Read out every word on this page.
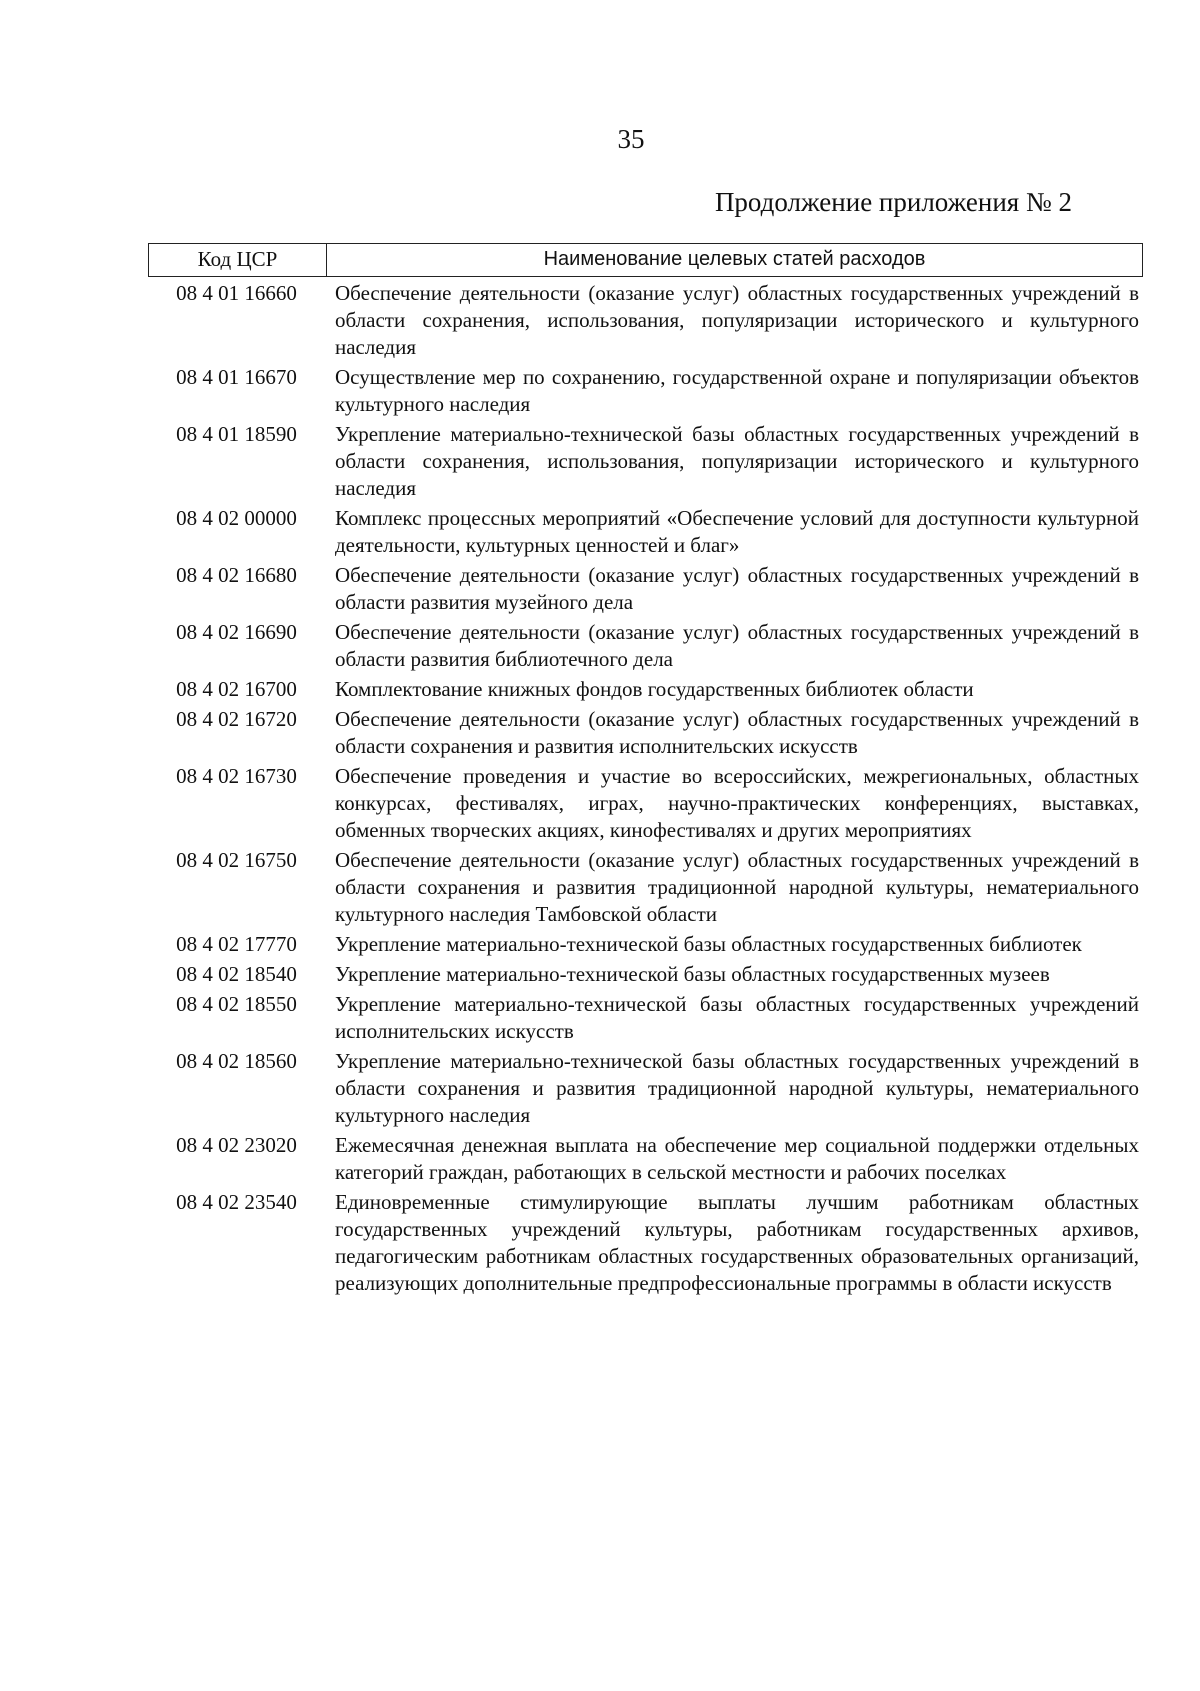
35
Продолжение приложения № 2
Код ЦСР	Наименование целевых статей расходов
08 4 01 16660	Обеспечение деятельности (оказание услуг) областных государственных учреждений в области сохранения, использования, популяризации исторического и культурного наследия
08 4 01 16670	Осуществление мер по сохранению, государственной охране и популяризации объектов культурного наследия
08 4 01 18590	Укрепление материально-технической базы областных государственных учреждений в области сохранения, использования, популяризации исторического и культурного наследия
08 4 02 00000	Комплекс процессных мероприятий «Обеспечение условий для доступности культурной деятельности, культурных ценностей и благ»
08 4 02 16680	Обеспечение деятельности (оказание услуг) областных государственных учреждений в области развития музейного дела
08 4 02 16690	Обеспечение деятельности (оказание услуг) областных государственных учреждений в области развития библиотечного дела
08 4 02 16700	Комплектование книжных фондов государственных библиотек области
08 4 02 16720	Обеспечение деятельности (оказание услуг) областных государственных учреждений в области сохранения и развития исполнительских искусств
08 4 02 16730	Обеспечение проведения и участие во всероссийских, межрегиональных, областных конкурсах, фестивалях, играх, научно-практических конференциях, выставках, обменных творческих акциях, кинофестивалях и других мероприятиях
08 4 02 16750	Обеспечение деятельности (оказание услуг) областных государственных учреждений в области сохранения и развития традиционной народной культуры, нематериального культурного наследия Тамбовской области
08 4 02 17770	Укрепление материально-технической базы областных государственных библиотек
08 4 02 18540	Укрепление материально-технической базы областных государственных музеев
08 4 02 18550	Укрепление материально-технической базы областных государственных учреждений исполнительских искусств
08 4 02 18560	Укрепление материально-технической базы областных государственных учреждений в области сохранения и развития традиционной народной культуры, нематериального культурного наследия
08 4 02 23020	Ежемесячная денежная выплата на обеспечение мер социальной поддержки отдельных категорий граждан, работающих в сельской местности и рабочих поселках
08 4 02 23540	Единовременные стимулирующие выплаты лучшим работникам областных государственных учреждений культуры, работникам государственных архивов, педагогическим работникам областных государственных образовательных организаций, реализующих дополнительные предпрофессиональные программы в области искусств
